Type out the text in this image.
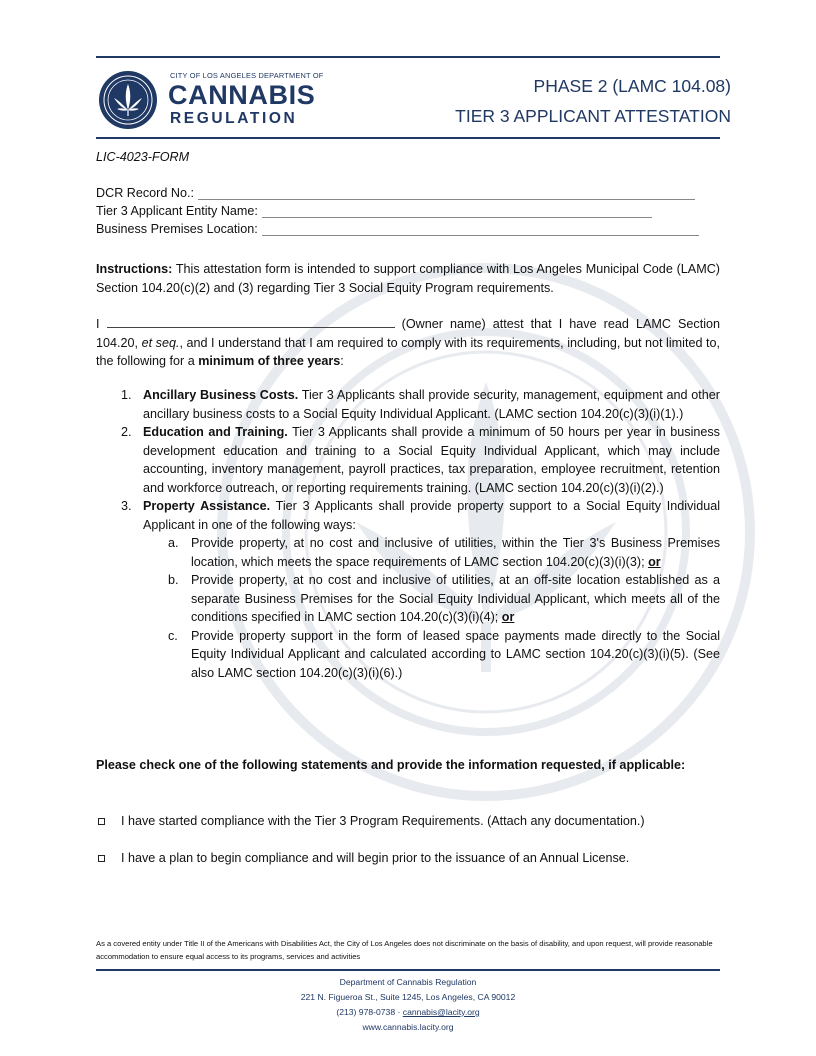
CITY OF LOS ANGELES DEPARTMENT OF
CANNABIS
REGULATION
PHASE 2 (LAMC 104.08)
TIER 3 APPLICANT ATTESTATION
LIC-4023-FORM
DCR Record No.:
Tier 3 Applicant Entity Name:
Business Premises Location:
Instructions: This attestation form is intended to support compliance with Los Angeles Municipal Code (LAMC) Section 104.20(c)(2) and (3) regarding Tier 3 Social Equity Program requirements.
I	(Owner name) attest that I have read LAMC Section 104.20, et seq., and I understand that I am required to comply with its requirements, including, but not limited to, the following for a minimum of three years:
1. Ancillary Business Costs. Tier 3 Applicants shall provide security, management, equipment and other ancillary business costs to a Social Equity Individual Applicant. (LAMC section 104.20(c)(3)(i)(1).)
2. Education and Training. Tier 3 Applicants shall provide a minimum of 50 hours per year in business development education and training to a Social Equity Individual Applicant, which may include accounting, inventory management, payroll practices, tax preparation, employee recruitment, retention and workforce outreach, or reporting requirements training. (LAMC section 104.20(c)(3)(i)(2).)
3. Property Assistance. Tier 3 Applicants shall provide property support to a Social Equity Individual Applicant in one of the following ways:
a. Provide property, at no cost and inclusive of utilities, within the Tier 3's Business Premises location, which meets the space requirements of LAMC section 104.20(c)(3)(i)(3); or
b. Provide property, at no cost and inclusive of utilities, at an off-site location established as a separate Business Premises for the Social Equity Individual Applicant, which meets all of the conditions specified in LAMC section 104.20(c)(3)(i)(4); or
c. Provide property support in the form of leased space payments made directly to the Social Equity Individual Applicant and calculated according to LAMC section 104.20(c)(3)(i)(5). (See also LAMC section 104.20(c)(3)(i)(6).)
Please check one of the following statements and provide the information requested, if applicable:
I have started compliance with the Tier 3 Program Requirements. (Attach any documentation.)
I have a plan to begin compliance and will begin prior to the issuance of an Annual License.
As a covered entity under Title II of the Americans with Disabilities Act, the City of Los Angeles does not discriminate on the basis of disability, and upon request, will provide reasonable accommodation to ensure equal access to its programs, services and activities
Department of Cannabis Regulation
221 N. Figueroa St., Suite 1245, Los Angeles, CA 90012
(213) 978-0738 · cannabis@lacity.org
www.cannabis.lacity.org
